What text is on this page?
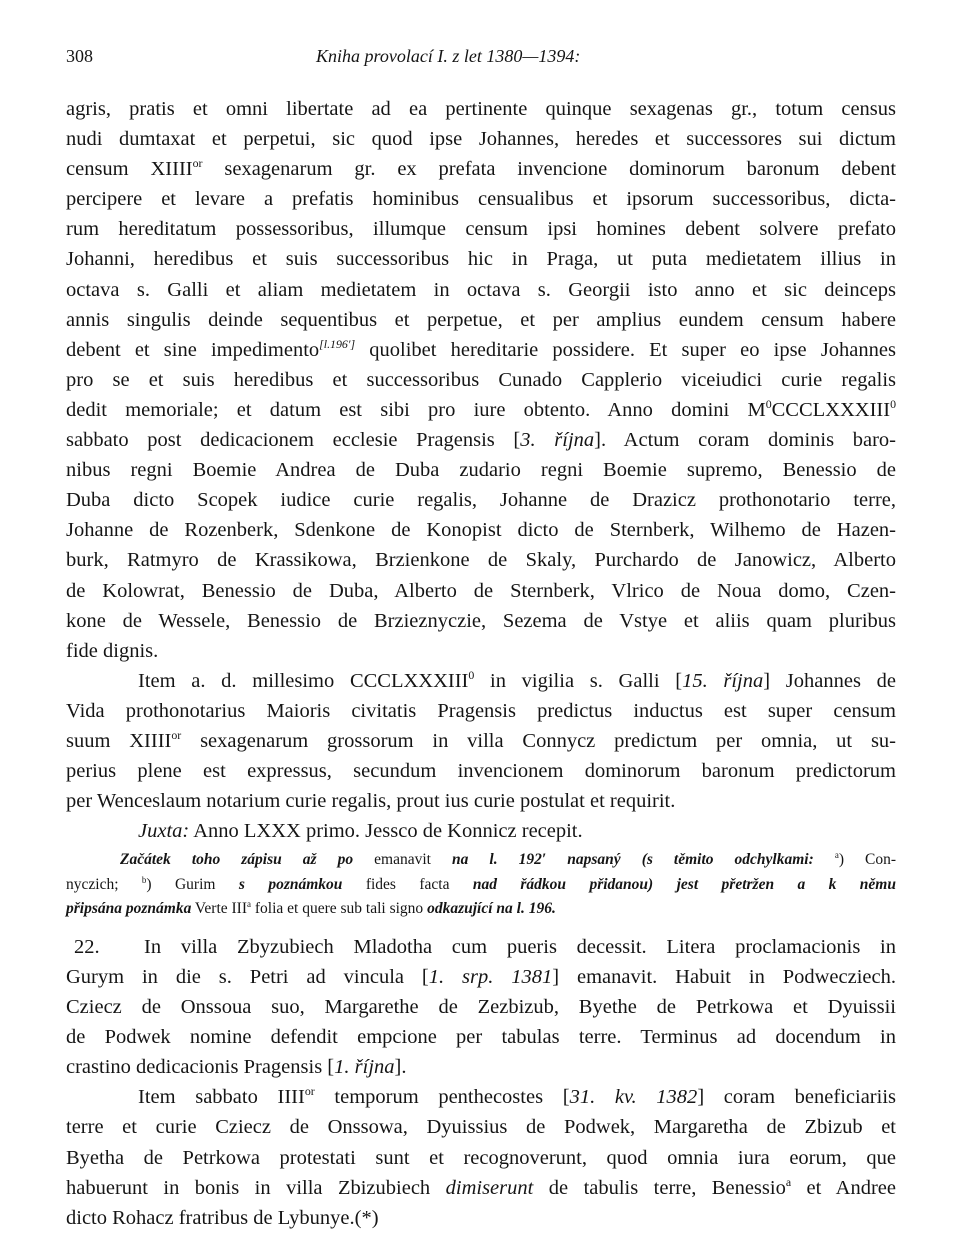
308	Kniha provolací I. z let 1380—1394:
agris, pratis et omni libertate ad ea pertinente quinque sexagenas gr., totum census
nudi dumtaxat et perpetui, sic quod ipse Johannes, heredes et successores sui dictum
censum $XIIII^{or}$ sexagenarum gr. ex prefata invencione dominorum baronum debent
percipere et levare a prefatis hominibus censualibus et ipsorum successoribus, dicta-
rum hereditatum possessoribus, illumque censum ipsi homines debent solvere prefato
Johanni, heredibus et suis successoribus hic in Praga, ut puta medietatem illius in
octava s. Galli et aliam medietatem in octava s. Georgii isto anno et sic deinceps
annis singulis deinde sequentibus et perpetue, et per amplius eundem censum habere
debent et sine impedimento[l.196′] quolibet hereditarie possidere. Et super eo ipse Johannes
pro se et suis heredibus et successoribus Cunado Capplerio viceiudici curie regalis
dedit memoriale; et datum est sibi pro iure obtento. Anno domini $M^0CCCLXXXIII^0$
sabbato post dedicacionem ecclesie Pragensis [3. října]. Actum coram dominis baro-
nibus regni Boemie Andrea de Duba zudario regni Boemie supremo, Benessio de
Duba dicto Scopek iudice curie regalis, Johanne de Drazicz prothonotario terre,
Johanne de Rozenberk, Sdenkone de Konopist dicto de Sternberk, Wilhemo de Hazen-
burk, Ratmyro de Krassikowa, Brzienkone de Skaly, Purchardo de Janowicz, Alberto
de Kolowrat, Benessio de Duba, Alberto de Sternberk, Vlrico de Noua domo, Czen-
kone de Wessele, Benessio de Brzieznyczie, Sezema de Vstye et aliis quam pluribus
fide dignis.
Item a. d. millesimo CCCLXXXIII$^0$ in vigilia s. Galli [15. října] Johannes de
Vida prothonotarius Maioris civitatis Pragensis predictus inductus est super censum
suum $XIIII^{or}$ sexagenarum grossorum in villa Connycz predictum per omnia, ut su-
perius plene est expressus, secundum invencionem dominorum baronum predictorum
per Wenceslaum notarium curie regalis, prout ius curie postulat et requirit.
Juxta: Anno LXXX primo. Jessco de Konnicz recepit.
Začátek toho zápisu až po emanavit na l. 192′ napsaný (s těmito odchylkami: $^a$) Con-
nyczich; $^b$) Gurim s poznámkou fides facta nad řádkou přidanou) jest přetržen a k němu
připsána poznámka Verte III$^a$ folia et quere sub tali signo odkazující na l. 196.
22. In villa Zbyzubiech Mladotha cum pueris decessit. Litera proclamacionis in
Gurym in die s. Petri ad vincula [1. srp. 1381] emanavit. Habuit in Podwecziech.
Cziecz de Onssoua suo, Margarethe de Zezbizub, Byethe de Petrkowa et Dyuissii
de Podwek nomine defendit empcione per tabulas terre. Terminus ad docendum in
crastino dedicacionis Pragensis [1. října].
Item sabbato $IIII^{or}$ temporum penthecostes [31. kv. 1382] coram beneficiariis
terre et curie Cziecz de Onssowa, Dyuissius de Podwek, Margaretha de Zbizub et
Byetha de Petrkowa protestati sunt et recognoverunt, quod omnia iura eorum, que
habuerunt in bonis in villa Zbizubiech dimiserunt de tabulis terre, Benessio$^a$ et Andree
dicto Rohacz fratribus de Lybunye.(*)
